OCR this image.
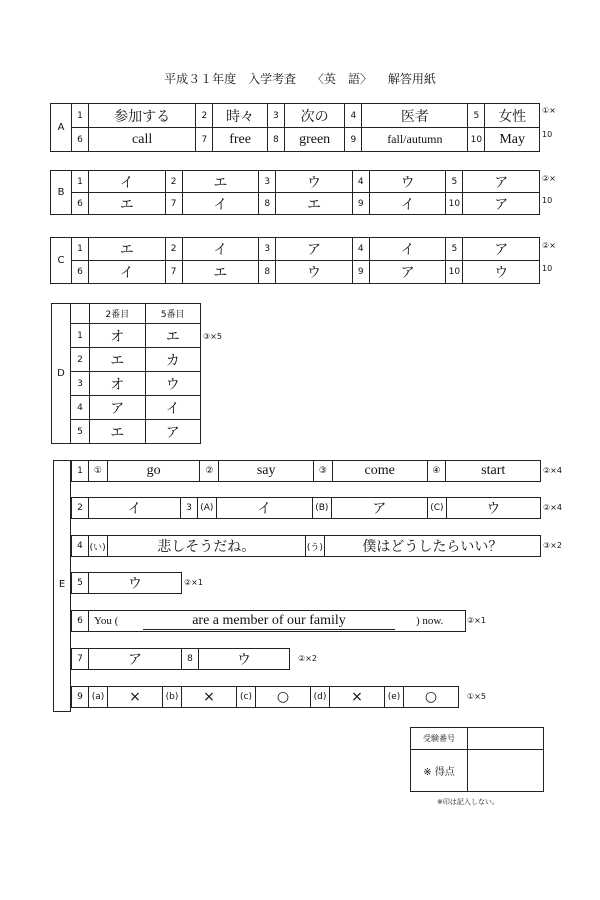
平成３１年度　入学考査 〈英　語〉 解答用紙
A	1	参加する	2	時々	3	次の	4	医者	5	女性
	6	call	7	free	8	green	9	fall/autumn	10	May
①×
10
B	1	イ	2	エ	3	ウ	4	ウ	5	ア
	6	エ	7	イ	8	エ	9	イ	10	ア
②×
10
C	1	エ	2	イ	3	ア	4	イ	5	ア
	6	イ	7	エ	8	ウ	9	ア	10	ウ
②×
10
D		2番目	5番目
	1	オ	エ
	2	エ	カ
	3	オ	ウ
	4	ア	イ
	5	エ	ア
③×5
E
1	①	go	②	say	③	come	④	start	②×4
2	イ	3 (A)	イ	(B)	ア	(C)	ウ	②×4
4 (い)	悲しそうだね。	(う)	僕はどうしたらいい？	③×2
5	ウ	②×1
6	You (	are a member of our family	) now.	②×1
7	ア	8	ウ	②×2
9 (a)	×	(b)	×	(c)	○	(d)	×	(e)	○	①×5
受験番号	
※ 得点	
※印は記入しない。
